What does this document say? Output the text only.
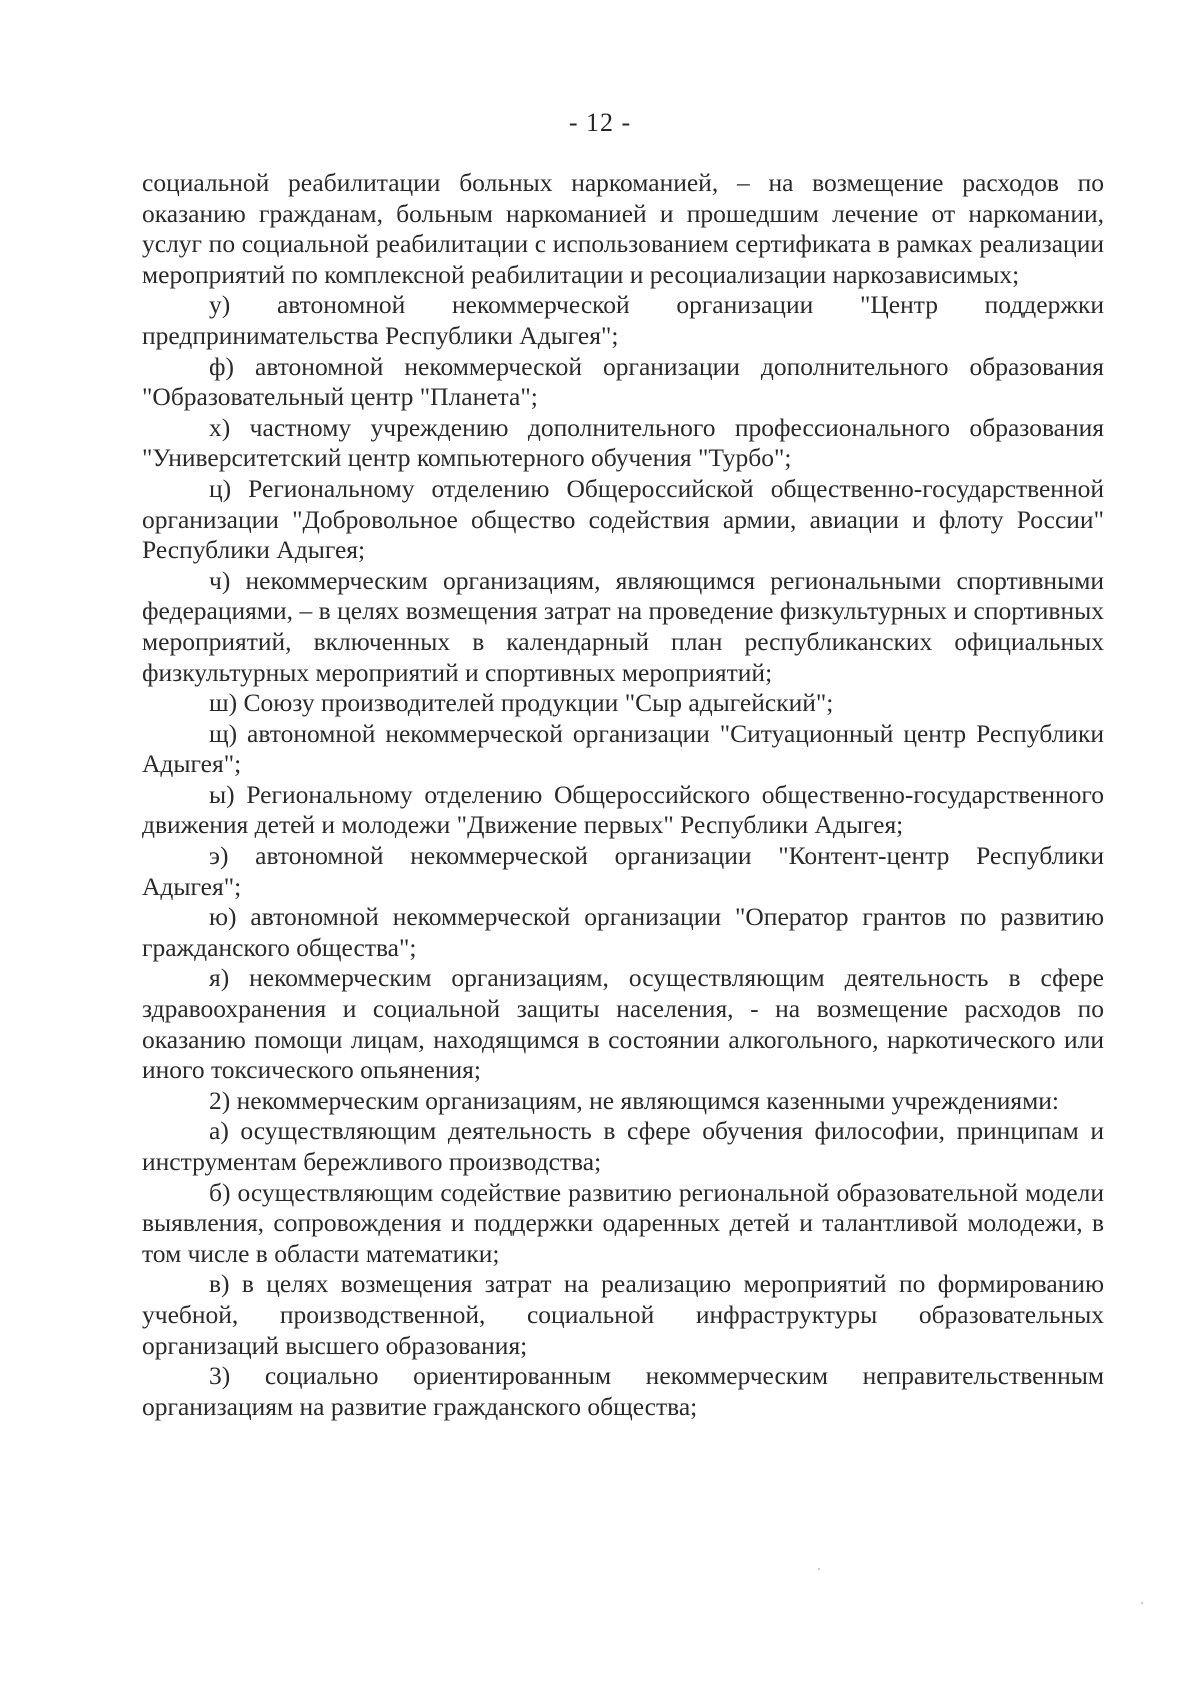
- 12 -

социальной реабилитации больных наркоманией, – на возмещение расходов по оказанию гражданам, больным наркоманией и прошедшим лечение от наркомании, услуг по социальной реабилитации с использованием сертификата в рамках реализации мероприятий по комплексной реабилитации и ресоциализации наркозависимых;

у) автономной некоммерческой организации "Центр поддержки предпринимательства Республики Адыгея";

ф) автономной некоммерческой организации дополнительного образования "Образовательный центр "Планета";

х) частному учреждению дополнительного профессионального образования "Университетский центр компьютерного обучения "Турбо";

ц) Региональному отделению Общероссийской общественно-государственной организации "Добровольное общество содействия армии, авиации и флоту России" Республики Адыгея;

ч) некоммерческим организациям, являющимся региональными спортивными федерациями, – в целях возмещения затрат на проведение физкультурных и спортивных мероприятий, включенных в календарный план республиканских официальных физкультурных мероприятий и спортивных мероприятий;

ш) Союзу производителей продукции "Сыр адыгейский";

щ) автономной некоммерческой организации "Ситуационный центр Республики Адыгея";

ы) Региональному отделению Общероссийского общественно-государственного движения детей и молодежи "Движение первых" Республики Адыгея;

э) автономной некоммерческой организации "Контент-центр Республики Адыгея";

ю) автономной некоммерческой организации "Оператор грантов по развитию гражданского общества";

я) некоммерческим организациям, осуществляющим деятельность в сфере здравоохранения и социальной защиты населения, - на возмещение расходов по оказанию помощи лицам, находящимся в состоянии алкогольного, наркотического или иного токсического опьянения;

2) некоммерческим организациям, не являющимся казенными учреждениями:

а) осуществляющим деятельность в сфере обучения философии, принципам и инструментам бережливого производства;

б) осуществляющим содействие развитию региональной образовательной модели выявления, сопровождения и поддержки одаренных детей и талантливой молодежи, в том числе в области математики;

в) в целях возмещения затрат на реализацию мероприятий по формированию учебной, производственной, социальной инфраструктуры образовательных организаций высшего образования;

3) социально ориентированным некоммерческим неправительственным организациям на развитие гражданского общества;
